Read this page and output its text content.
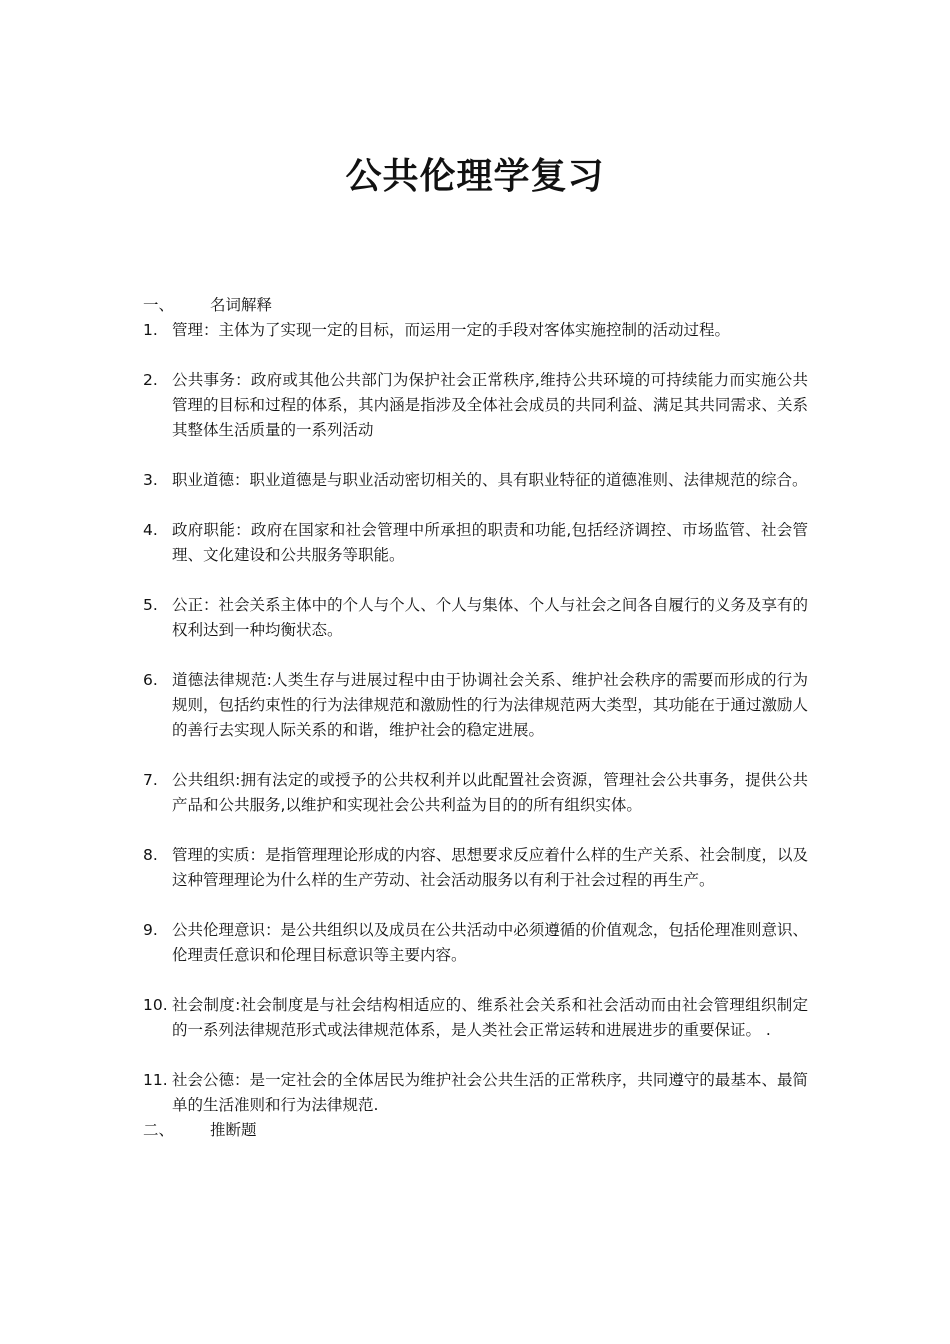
公共伦理学复习
一、	名词解释
1. 管理：主体为了实现一定的目标，而运用一定的手段对客体实施控制的活动过程。
2. 公共事务：政府或其他公共部门为保护社会正常秩序,维持公共环境的可持续能力而实施公共管理的目标和过程的体系，其内涵是指涉及全体社会成员的共同利益、满足其共同需求、关系其整体生活质量的一系列活动
3. 职业道德：职业道德是与职业活动密切相关的、具有职业特征的道德准则、法律规范的综合。
4. 政府职能：政府在国家和社会管理中所承担的职责和功能,包括经济调控、市场监管、社会管理、文化建设和公共服务等职能。
5. 公正：社会关系主体中的个人与个人、个人与集体、个人与社会之间各自履行的义务及享有的权利达到一种均衡状态。
6. 道德法律规范:人类生存与进展过程中由于协调社会关系、维护社会秩序的需要而形成的行为规则，包括约束性的行为法律规范和激励性的行为法律规范两大类型，其功能在于通过激励人的善行去实现人际关系的和谐，维护社会的稳定进展。
7. 公共组织:拥有法定的或授予的公共权利并以此配置社会资源，管理社会公共事务，提供公共产品和公共服务,以维护和实现社会公共利益为目的的所有组织实体。
8. 管理的实质：是指管理理论形成的内容、思想要求反应着什么样的生产关系、社会制度，以及这种管理理论为什么样的生产劳动、社会活动服务以有利于社会过程的再生产。
9. 公共伦理意识：是公共组织以及成员在公共活动中必须遵循的价值观念，包括伦理准则意识、伦理责任意识和伦理目标意识等主要内容。
10. 社会制度:社会制度是与社会结构相适应的、维系社会关系和社会活动而由社会管理组织制定的一系列法律规范形式或法律规范体系，是人类社会正常运转和进展进步的重要保证。 .
11. 社会公德：是一定社会的全体居民为维护社会公共生活的正常秩序，共同遵守的最基本、最简单的生活准则和行为法律规范.
二、	推断题
